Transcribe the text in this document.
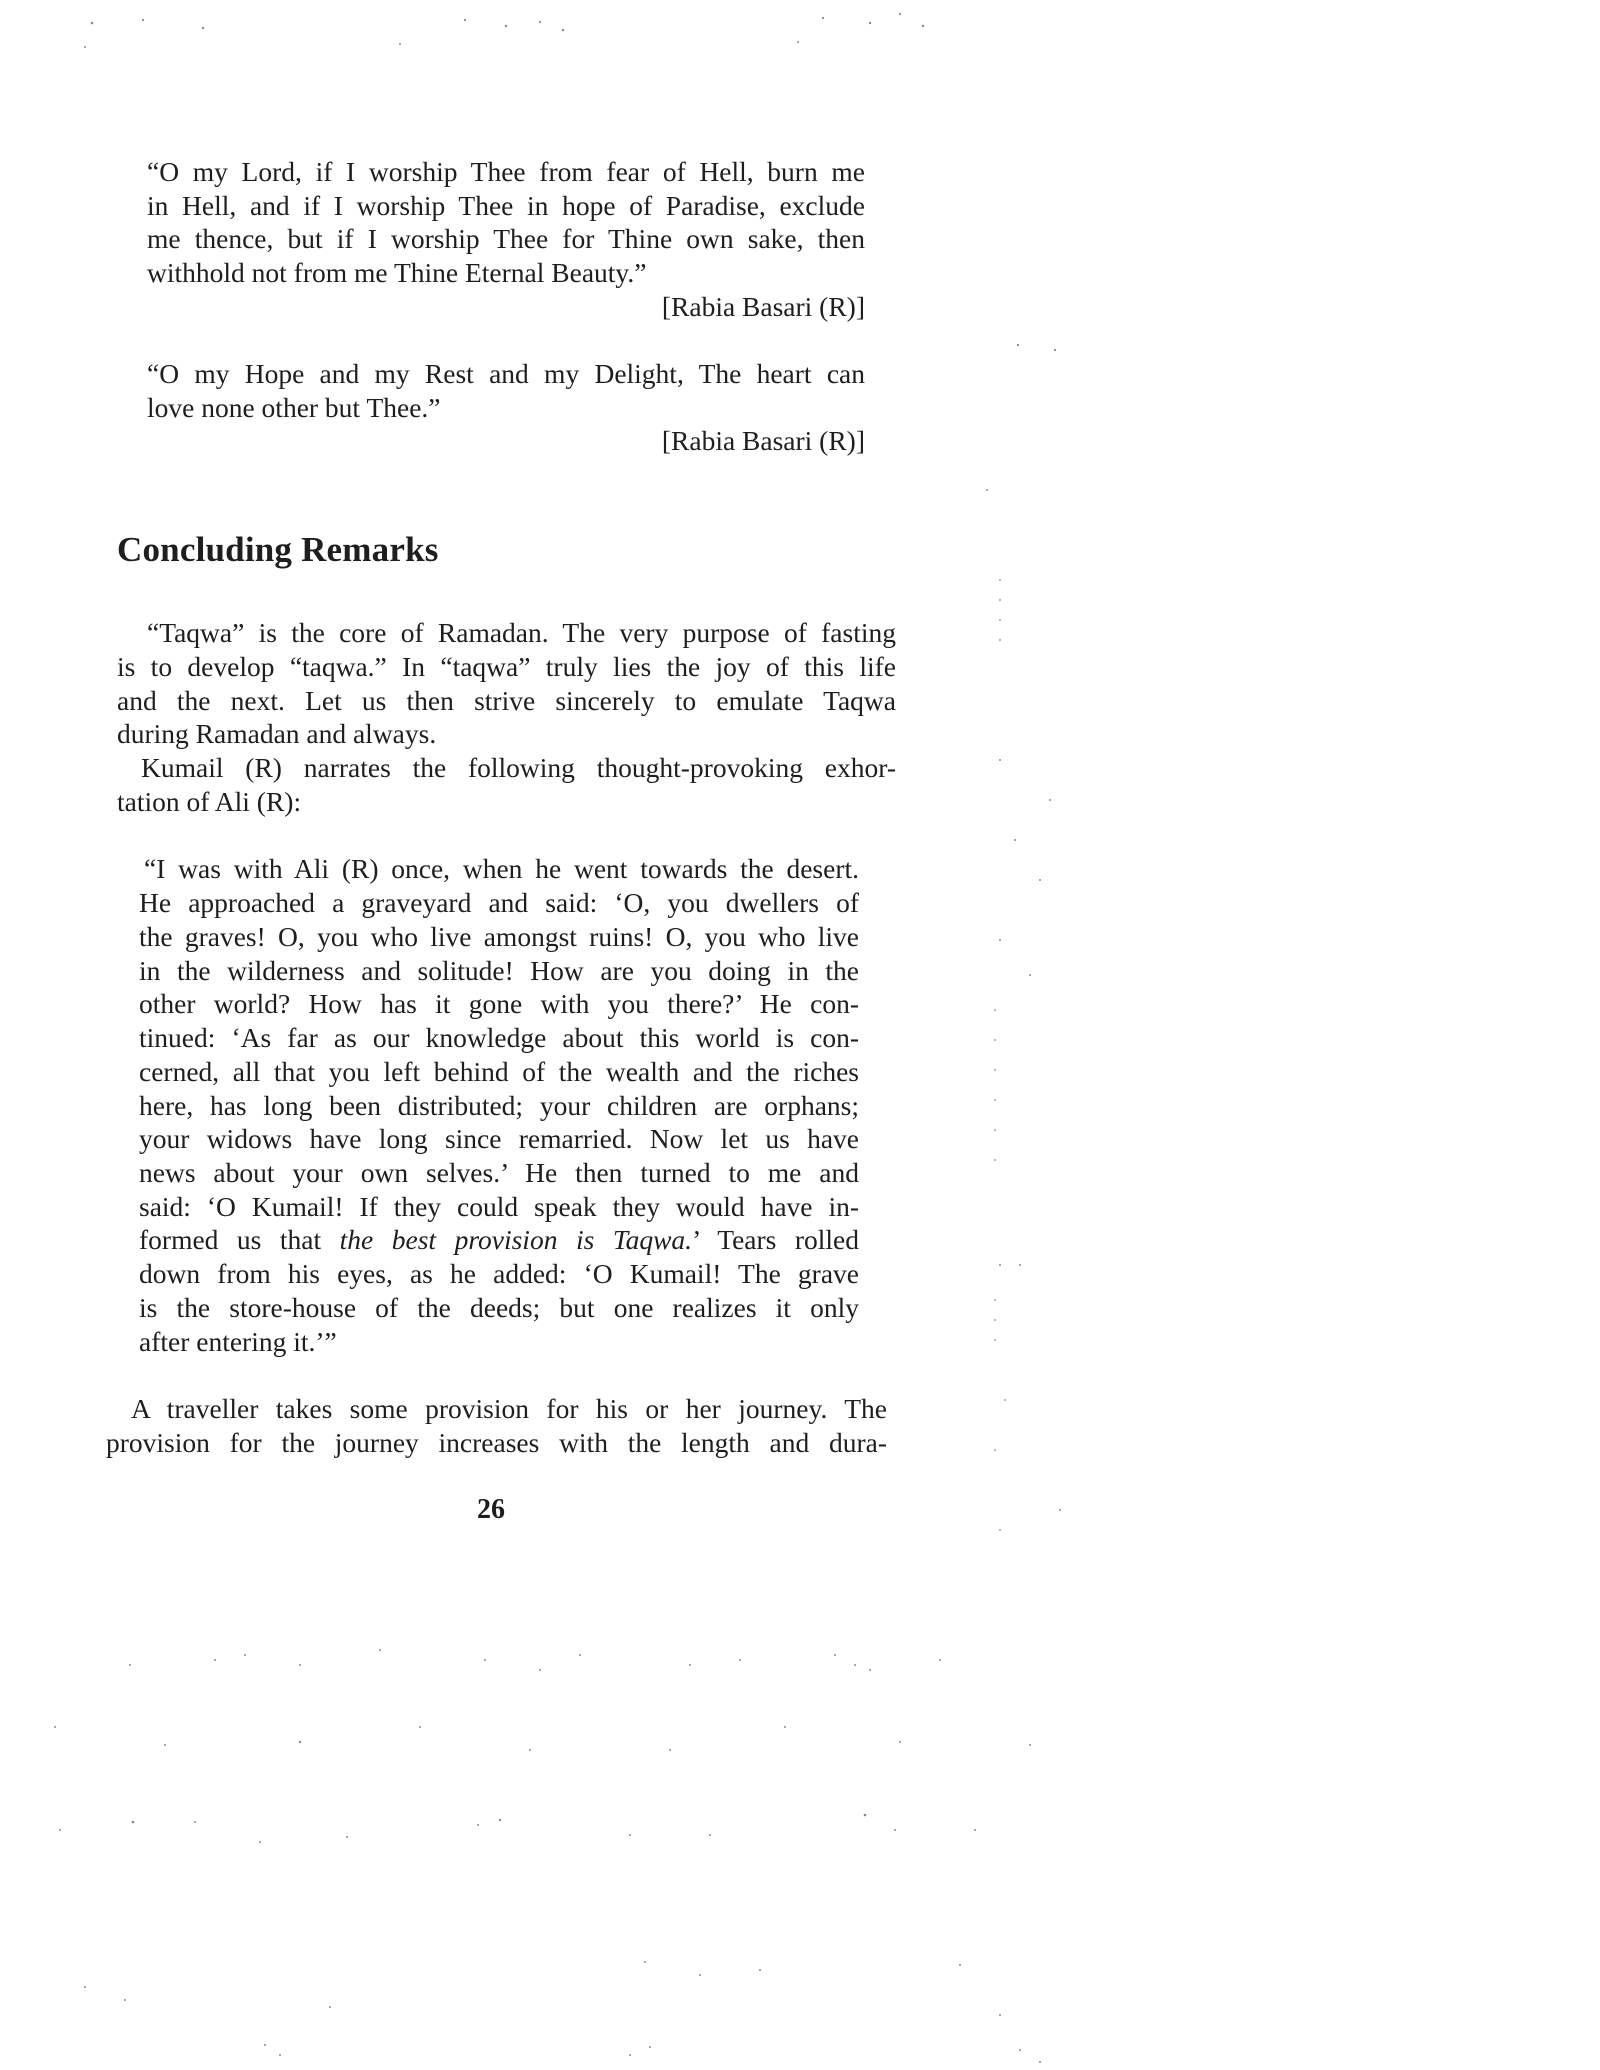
“O my Lord, if I worship Thee from fear of Hell, burn me
in Hell, and if I worship Thee in hope of Paradise, exclude
me thence, but if I worship Thee for Thine own sake, then
withhold not from me Thine Eternal Beauty.”
[Rabia Basari (R)]
“O my Hope and my Rest and my Delight, The heart can
love none other but Thee.”
[Rabia Basari (R)]
Concluding Remarks
“Taqwa” is the core of Ramadan. The very purpose of fasting
is to develop “taqwa.” In “taqwa” truly lies the joy of this life
and the next. Let us then strive sincerely to emulate Taqwa
during Ramadan and always.
Kumail (R) narrates the following thought-provoking exhor-
tation of Ali (R):
“I was with Ali (R) once, when he went towards the desert.
He approached a graveyard and said: ‘O, you dwellers of
the graves! O, you who live amongst ruins! O, you who live
in the wilderness and solitude! How are you doing in the
other world? How has it gone with you there?’ He con-
tinued: ‘As far as our knowledge about this world is con-
cerned, all that you left behind of the wealth and the riches
here, has long been distributed; your children are orphans;
your widows have long since remarried. Now let us have
news about your own selves.’ He then turned to me and
said: ‘O Kumail! If they could speak they would have in-
formed us that the best provision is Taqwa.’ Tears rolled
down from his eyes, as he added: ‘O Kumail! The grave
is the store-house of the deeds; but one realizes it only
after entering it.’”
A traveller takes some provision for his or her journey. The
provision for the journey increases with the length and dura-
26
